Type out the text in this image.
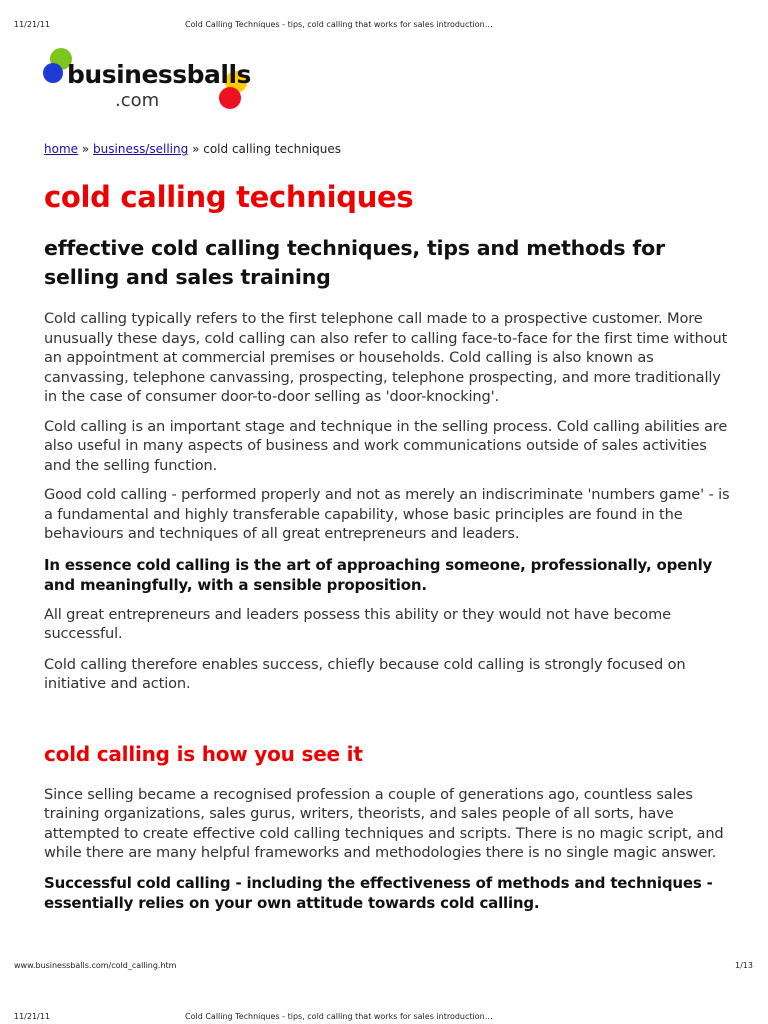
11/21/11	Cold Calling Techniques - tips, cold calling that works for sales introduction…
businessballs
.com

home » business/selling » cold calling techniques

cold calling techniques
effective cold calling techniques, tips and methods for selling and sales training

Cold calling typically refers to the first telephone call made to a prospective customer. More unusually these days, cold calling can also refer to calling face-to-face for the first time without an appointment at commercial premises or households. Cold calling is also known as canvassing, telephone canvassing, prospecting, telephone prospecting, and more traditionally in the case of consumer door-to-door selling as 'door-knocking'.

Cold calling is an important stage and technique in the selling process. Cold calling abilities are also useful in many aspects of business and work communications outside of sales activities and the selling function.

Good cold calling - performed properly and not as merely an indiscriminate 'numbers game' - is a fundamental and highly transferable capability, whose basic principles are found in the behaviours and techniques of all great entrepreneurs and leaders.

In essence cold calling is the art of approaching someone, professionally, openly and meaningfully, with a sensible proposition.

All great entrepreneurs and leaders possess this ability or they would not have become successful.

Cold calling therefore enables success, chiefly because cold calling is strongly focused on initiative and action.

cold calling is how you see it

Since selling became a recognised profession a couple of generations ago, countless sales training organizations, sales gurus, writers, theorists, and sales people of all sorts, have attempted to create effective cold calling techniques and scripts. There is no magic script, and while there are many helpful frameworks and methodologies there is no single magic answer.

Successful cold calling - including the effectiveness of methods and techniques - essentially relies on your own attitude towards cold calling.

www.businessballs.com/cold_calling.htm	1/13
11/21/11	Cold Calling Techniques - tips, cold calling that works for sales introduction…
